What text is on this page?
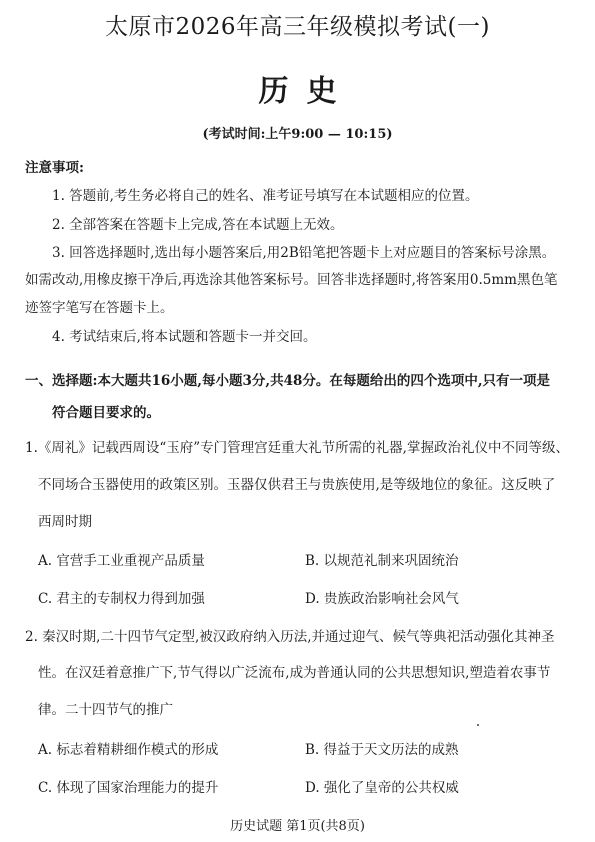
太原市2026年高三年级模拟考试(一)
历史
(考试时间:上午9:00 — 10:15)
注意事项:
1. 答题前,考生务必将自己的姓名、准考证号填写在本试题相应的位置。
2. 全部答案在答题卡上完成,答在本试题上无效。
3. 回答选择题时,选出每小题答案后,用2B铅笔把答题卡上对应题目的答案标号涂黑。
如需改动,用橡皮擦干净后,再选涂其他答案标号。回答非选择题时,将答案用0.5mm黑色笔
迹签字笔写在答题卡上。
4. 考试结束后,将本试题和答题卡一并交回。
一、选择题:本大题共16小题,每小题3分,共48分。在每题给出的四个选项中,只有一项是
符合题目要求的。
1.《周礼》记载西周设“玉府”专门管理宫廷重大礼节所需的礼器,掌握政治礼仪中不同等级、
不同场合玉器使用的政策区别。玉器仅供君王与贵族使用,是等级地位的象征。这反映了
西周时期
A. 官营手工业重视产品质量	B. 以规范礼制来巩固统治
C. 君主的专制权力得到加强	D. 贵族政治影响社会风气
2. 秦汉时期,二十四节气定型,被汉政府纳入历法,并通过迎气、候气等典祀活动强化其神圣
性。在汉廷着意推广下,节气得以广泛流布,成为普通认同的公共思想知识,塑造着农事节
律。二十四节气的推广
A. 标志着精耕细作模式的形成	B. 得益于天文历法的成熟
C. 体现了国家治理能力的提升	D. 强化了皇帝的公共权威
历史试题 第1页(共8页)
